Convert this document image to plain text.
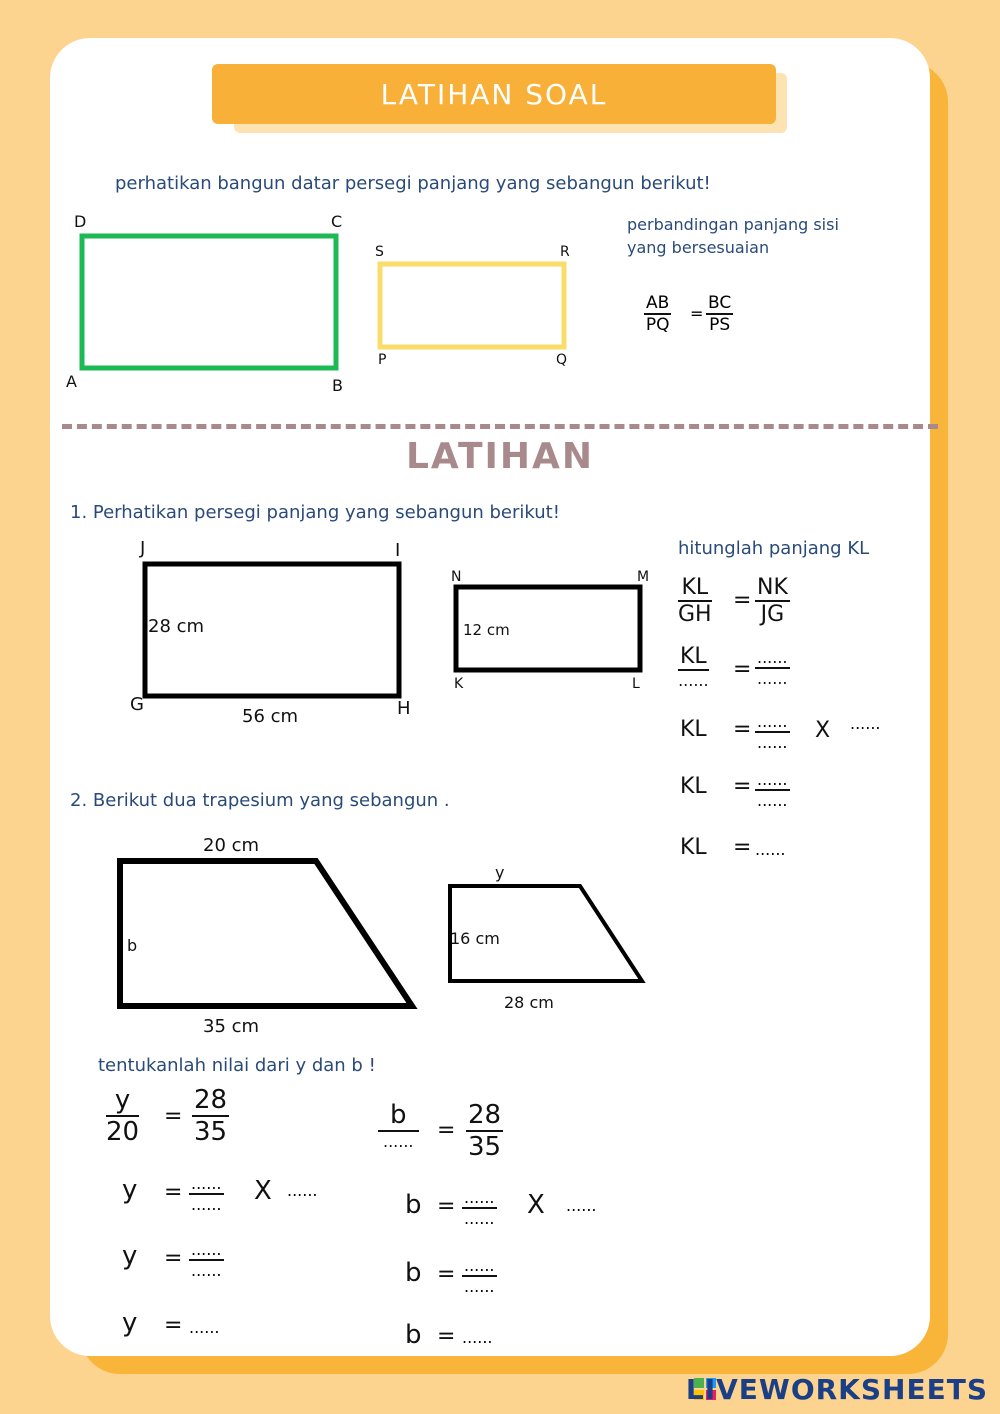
LATIHAN SOAL
perhatikan bangun datar persegi panjang yang sebangun berikut!
D	C
A	B
S	R
P	Q
perbandingan panjang sisi
yang bersesuaian
$\frac{AB}{PQ} = \frac{BC}{PS}$
LATIHAN
1. Perhatikan persegi panjang yang sebangun berikut!
J	I
G	H
28 cm
56 cm
N	M
K	L
12 cm
hitunglah panjang KL
$\frac{KL}{GH} = \frac{NK}{JG}$
KL
...... = ......
......
KL = ......
...... X ......
KL = ......
......
KL = ......
2. Berikut dua trapesium yang sebangun .
20 cm
b
35 cm
y
16 cm
28 cm
tentukanlah nilai dari y dan b !
$\frac{y}{20} = \frac{28}{35}$
y = ......
...... X ......
y = ......
......
y = ......
b
...... = $\frac{28}{35}$
b = ......
...... X ......
b = ......
......
b = ......
LIVEWORKSHEETS
